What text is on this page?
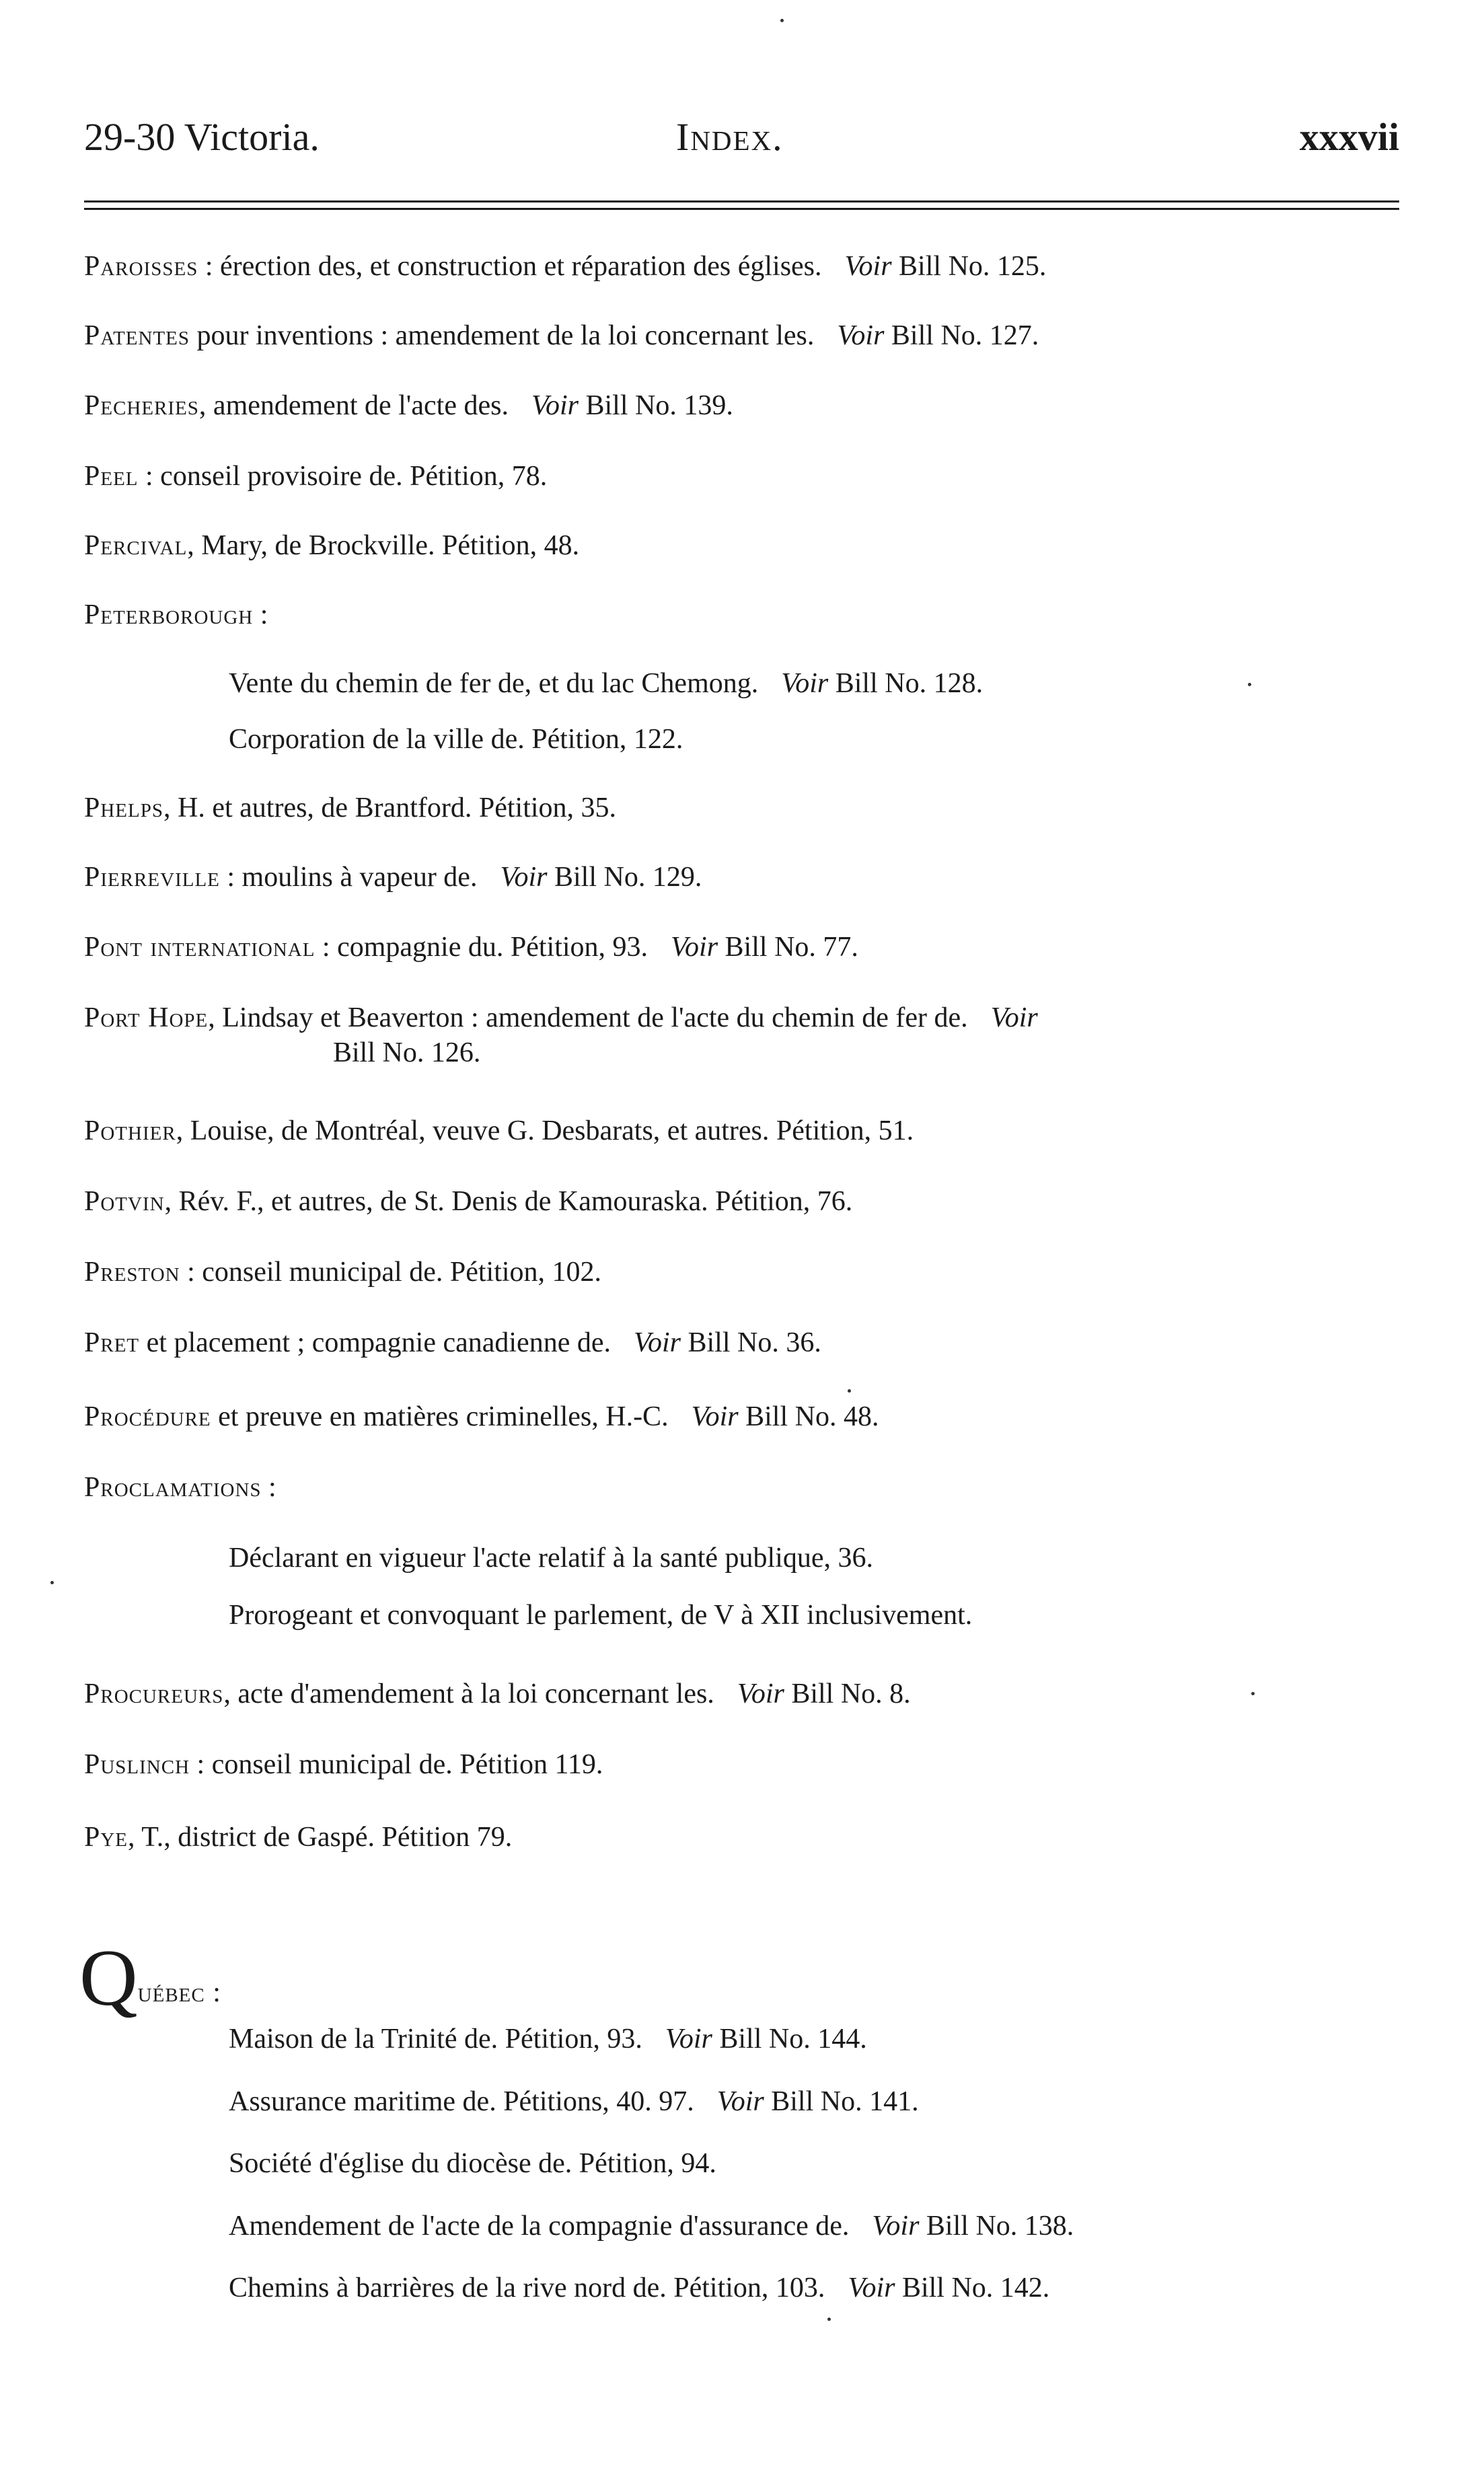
29-30 Victoria.	Index.	xxxvii
Paroisses : érection des, et construction et réparation des églises. Voir Bill No. 125.
Patentes pour inventions : amendement de la loi concernant les. Voir Bill No. 127.
Pecheries, amendement de l'acte des. Voir Bill No. 139.
Peel : conseil provisoire de. Pétition, 78.
Percival, Mary, de Brockville. Pétition, 48.
Peterborough :
Vente du chemin de fer de, et du lac Chemong. Voir Bill No. 128.
Corporation de la ville de. Pétition, 122.
Phelps, H. et autres, de Brantford. Pétition, 35.
Pierreville : moulins à vapeur de. Voir Bill No. 129.
Pont international : compagnie du. Pétition, 93. Voir Bill No. 77.
Port Hope, Lindsay et Beaverton : amendement de l'acte du chemin de fer de. Voir
Bill No. 126.
Pothier, Louise, de Montréal, veuve G. Desbarats, et autres. Pétition, 51.
Potvin, Rév. F., et autres, de St. Denis de Kamouraska. Pétition, 76.
Preston : conseil municipal de. Pétition, 102.
Pret et placement ; compagnie canadienne de. Voir Bill No. 36.
Procédure et preuve en matières criminelles, H.-C. Voir Bill No. 48.
Proclamations :
Déclarant en vigueur l'acte relatif à la santé publique, 36.
Prorogeant et convoquant le parlement, de V à XII inclusivement.
Procureurs, acte d'amendement à la loi concernant les. Voir Bill No. 8.
Puslinch : conseil municipal de. Pétition 119.
Pye, T., district de Gaspé. Pétition 79.
Québec :
Maison de la Trinité de. Pétition, 93. Voir Bill No. 144.
Assurance maritime de. Pétitions, 40. 97. Voir Bill No. 141.
Société d'église du diocèse de. Pétition, 94.
Amendement de l'acte de la compagnie d'assurance de. Voir Bill No. 138.
Chemins à barrières de la rive nord de. Pétition, 103. Voir Bill No. 142.
